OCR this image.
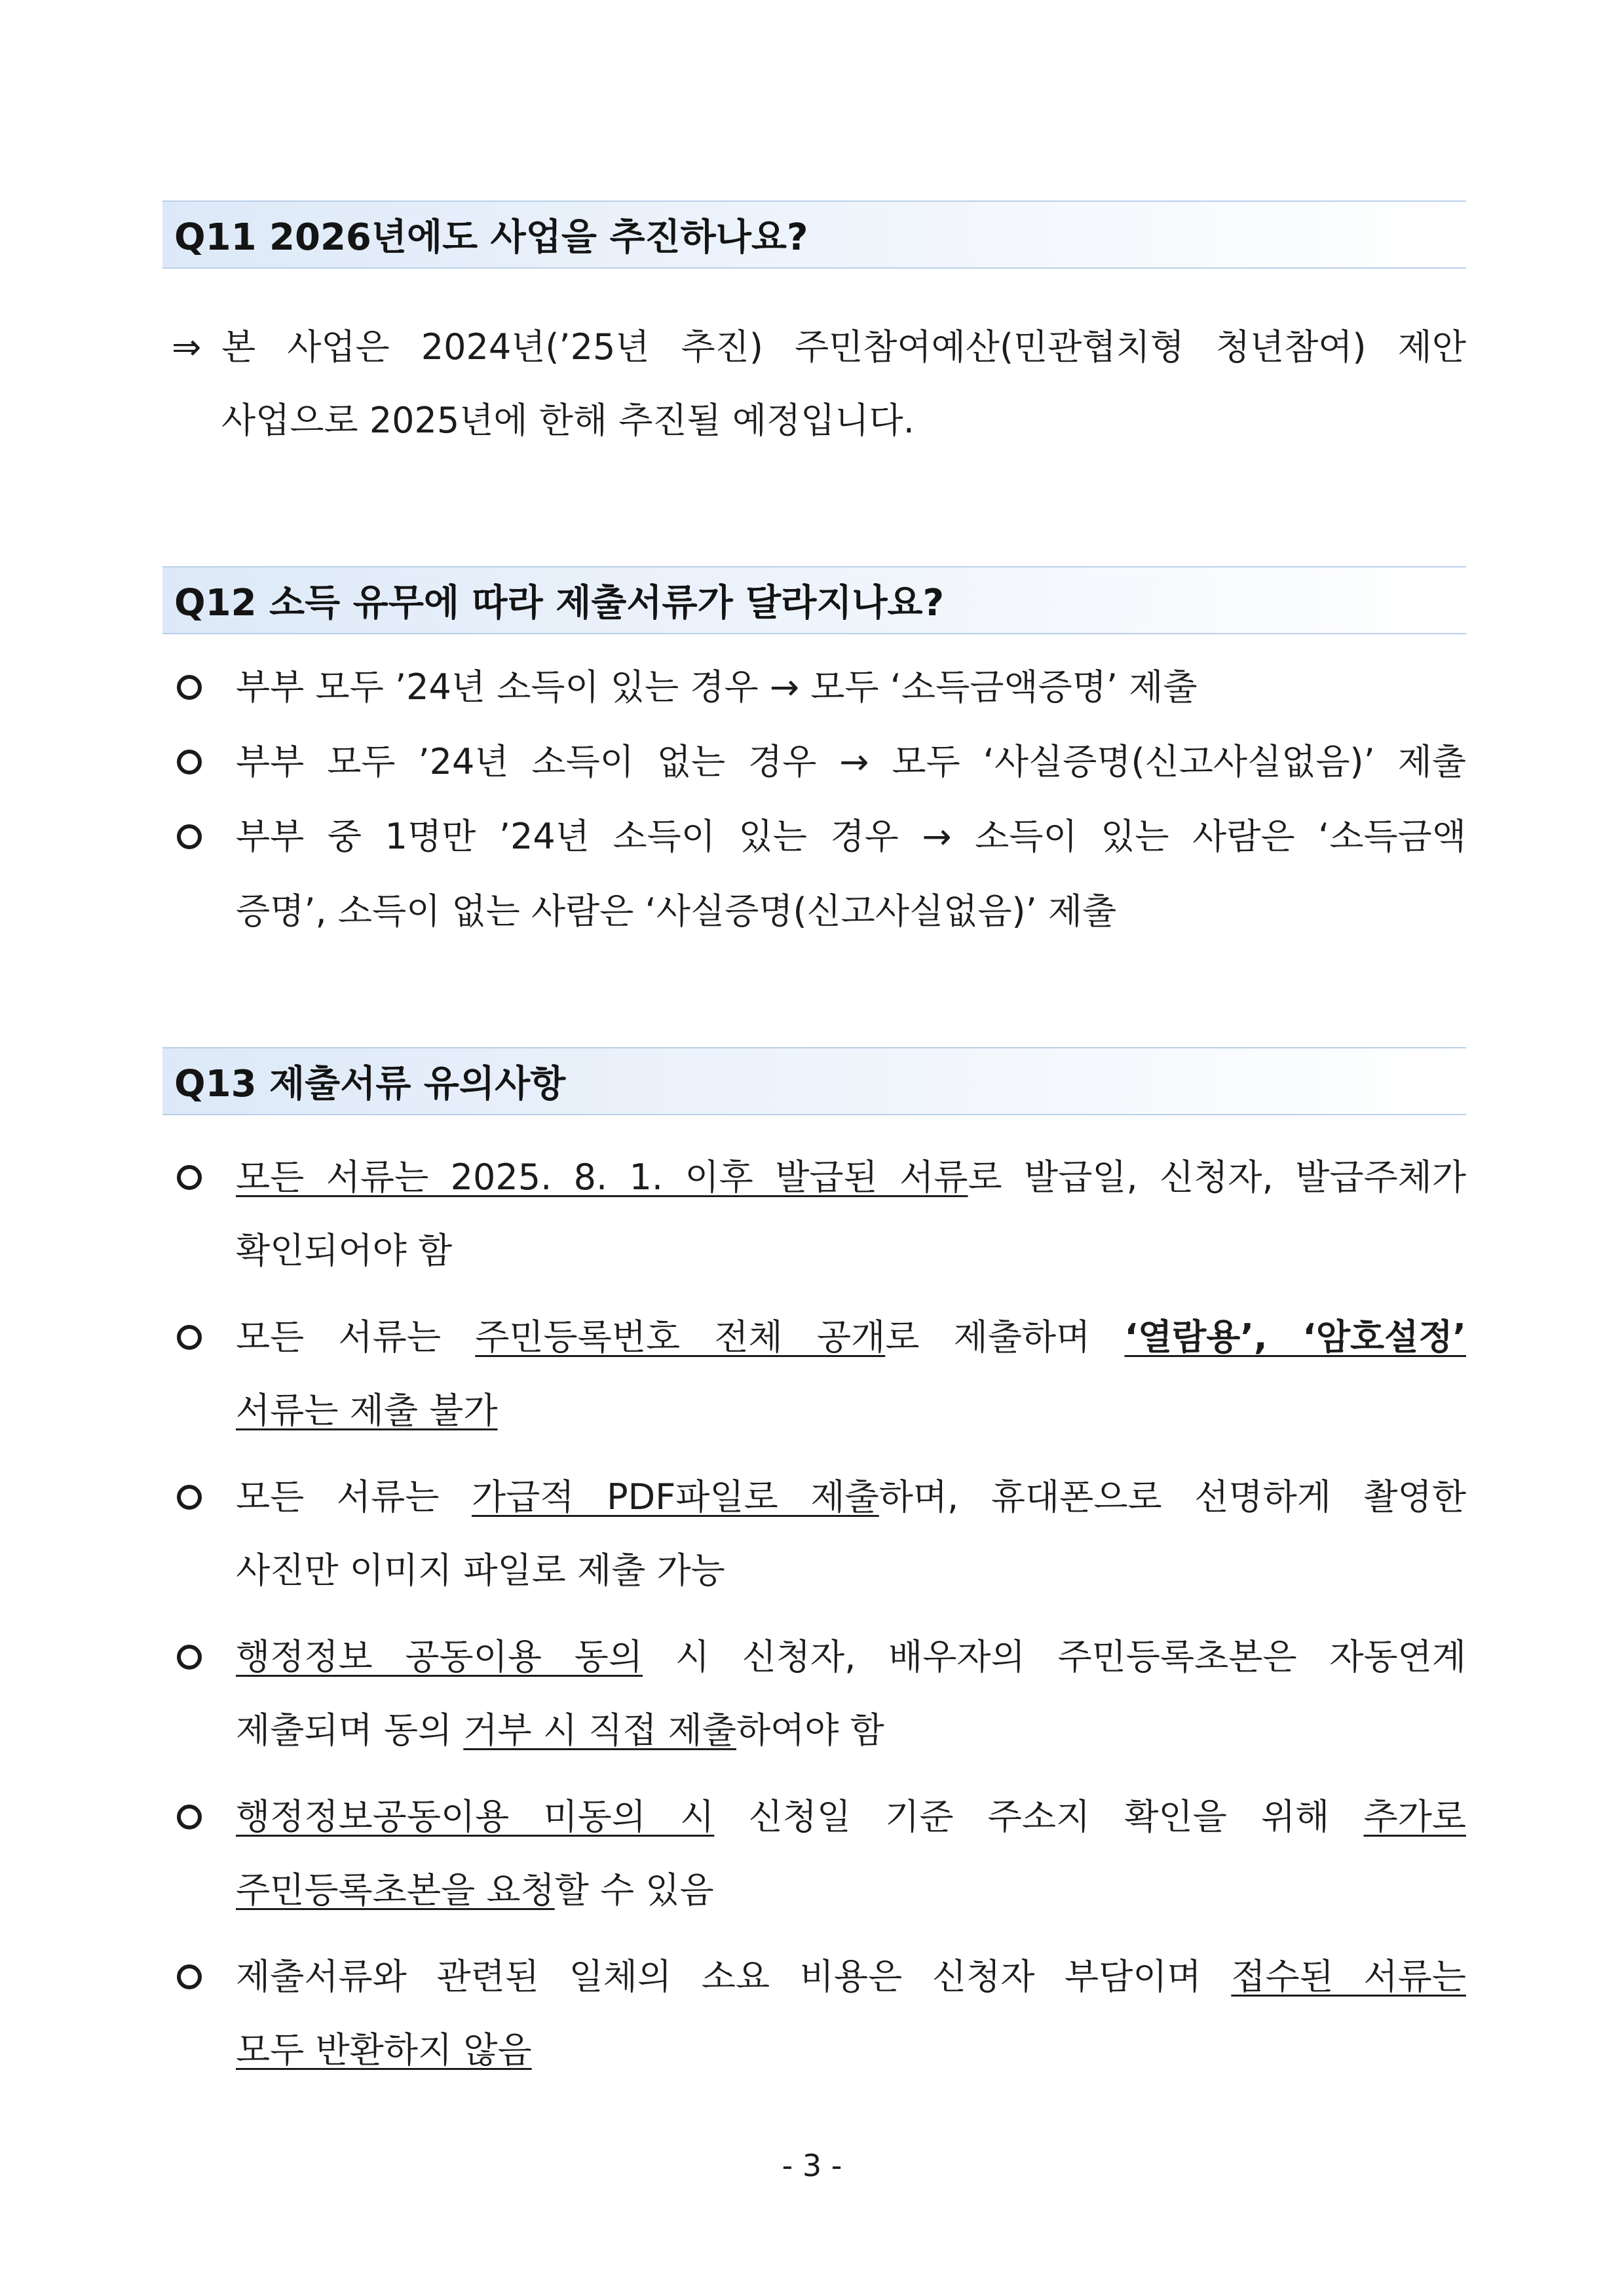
Q11 2026년에도 사업을 추진하나요?
⇒ 본 사업은 2024년(’25년 추진) 주민참여예산(민관협치형 청년참여) 제안
사업으로 2025년에 한해 추진될 예정입니다.
Q12 소득 유무에 따라 제출서류가 달라지나요?
부부 모두 ’24년 소득이 있는 경우 → 모두 ‘소득금액증명’ 제출
부부 모두 ’24년 소득이 없는 경우 → 모두 ‘사실증명(신고사실없음)’ 제출
부부 중 1명만 ’24년 소득이 있는 경우 → 소득이 있는 사람은 ‘소득금액
증명’, 소득이 없는 사람은 ‘사실증명(신고사실없음)’ 제출
Q13 제출서류 유의사항
모든 서류는 2025. 8. 1. 이후 발급된 서류로 발급일, 신청자, 발급주체가
확인되어야 함
모든 서류는 주민등록번호 전체 공개로 제출하며 ‘열람용’, ‘암호설정’
서류는 제출 불가
모든 서류는 가급적 PDF파일로 제출하며, 휴대폰으로 선명하게 촬영한
사진만 이미지 파일로 제출 가능
행정정보 공동이용 동의 시 신청자, 배우자의 주민등록초본은 자동연계
제출되며 동의 거부 시 직접 제출하여야 함
행정정보공동이용 미동의 시 신청일 기준 주소지 확인을 위해 추가로
주민등록초본을 요청할 수 있음
제출서류와 관련된 일체의 소요 비용은 신청자 부담이며 접수된 서류는
모두 반환하지 않음
- 3 -
